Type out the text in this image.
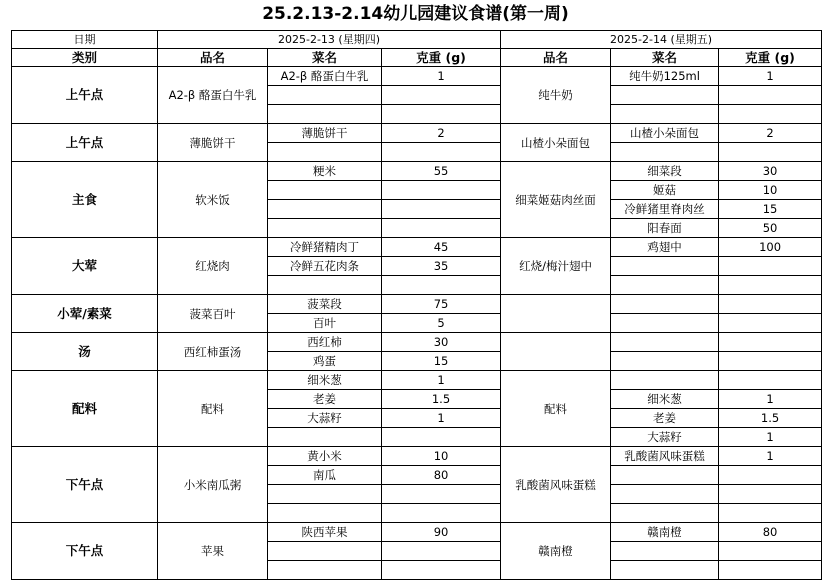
25.2.13-2.14幼儿园建议食谱(第一周)
日期	2025-2-13 (星期四)			2025-2-14 (星期五)		
类别	品名	菜名	克重 (g)	品名	菜名	克重 (g)
上午点	A2-β 酪蛋白牛乳	A2-β 酪蛋白牛乳	1	纯牛奶	纯牛奶125ml	1

上午点	薄脆饼干	薄脆饼干	2	山楂小朵面包	山楂小朵面包	2

主食	软米饭	粳米	55	细菜姬菇肉丝面	细菜段	30
					姬菇	10
					冷鲜猪里脊肉丝	15
					阳春面	50
大荤	红烧肉	冷鲜猪精肉丁	45	红烧/梅汁翅中	鸡翅中	100
		冷鲜五花肉条	35			

小荤/素菜	菠菜百叶	菠菜段	75			
		百叶	5			
汤	西红柿蛋汤	西红柿	30			
		鸡蛋	15			
配料	配料	细米葱	1	配料		
		老姜	1.5		细米葱	1
		大蒜籽	1		老姜	1.5
					大蒜籽	1
下午点	小米南瓜粥	黄小米	10	乳酸菌风味蛋糕	乳酸菌风味蛋糕	1
		南瓜	80			

下午点	苹果	陕西苹果	90	赣南橙	赣南橙	80
